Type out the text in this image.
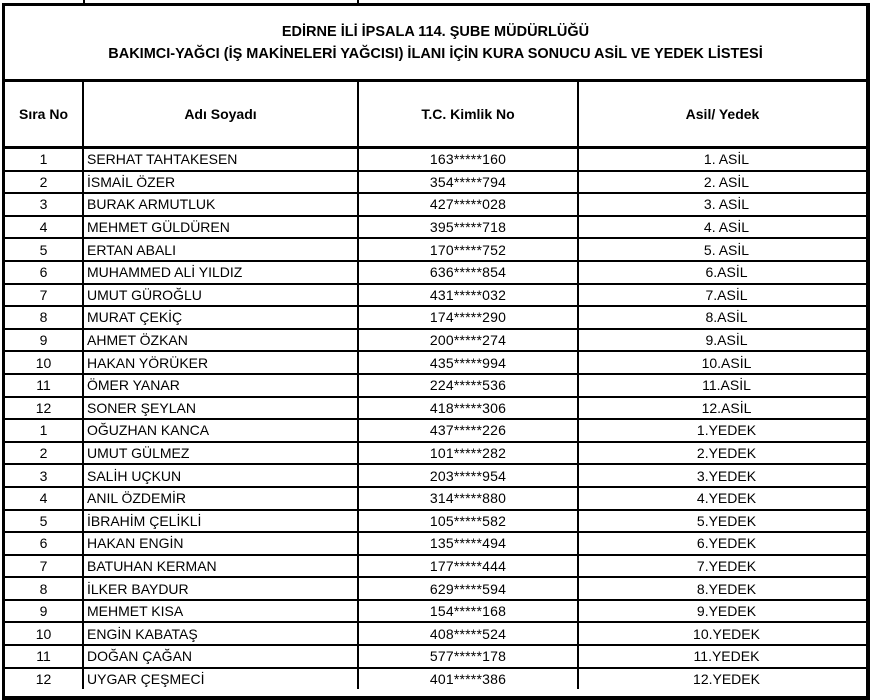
EDİRNE İLİ İPSALA 114. ŞUBE MÜDÜRLÜĞÜ
BAKIMCI-YAĞCI (İŞ MAKİNELERİ YAĞCISI) İLANI İÇİN KURA SONUCU ASİL VE YEDEK LİSTESİ
Sıra No	Adı Soyadı	T.C. Kimlik No	Asil/ Yedek
1	SERHAT TAHTAKESEN	163*****160	1. ASİL
2	İSMAİL ÖZER	354*****794	2. ASİL
3	BURAK ARMUTLUK	427*****028	3. ASİL
4	MEHMET GÜLDÜREN	395*****718	4. ASİL
5	ERTAN ABALI	170*****752	5. ASİL
6	MUHAMMED ALİ YILDIZ	636*****854	6.ASİL
7	UMUT GÜROĞLU	431*****032	7.ASİL
8	MURAT ÇEKİÇ	174*****290	8.ASİL
9	AHMET ÖZKAN	200*****274	9.ASİL
10	HAKAN YÖRÜKER	435*****994	10.ASİL
11	ÖMER YANAR	224*****536	11.ASİL
12	SONER ŞEYLAN	418*****306	12.ASİL
1	OĞUZHAN KANCA	437*****226	1.YEDEK
2	UMUT GÜLMEZ	101*****282	2.YEDEK
3	SALİH UÇKUN	203*****954	3.YEDEK
4	ANIL ÖZDEMİR	314*****880	4.YEDEK
5	İBRAHİM ÇELİKLİ	105*****582	5.YEDEK
6	HAKAN ENGİN	135*****494	6.YEDEK
7	BATUHAN KERMAN	177*****444	7.YEDEK
8	İLKER BAYDUR	629*****594	8.YEDEK
9	MEHMET KISA	154*****168	9.YEDEK
10	ENGİN KABATAŞ	408*****524	10.YEDEK
11	DOĞAN ÇAĞAN	577*****178	11.YEDEK
12	UYGAR ÇEŞMECİ	401*****386	12.YEDEK
